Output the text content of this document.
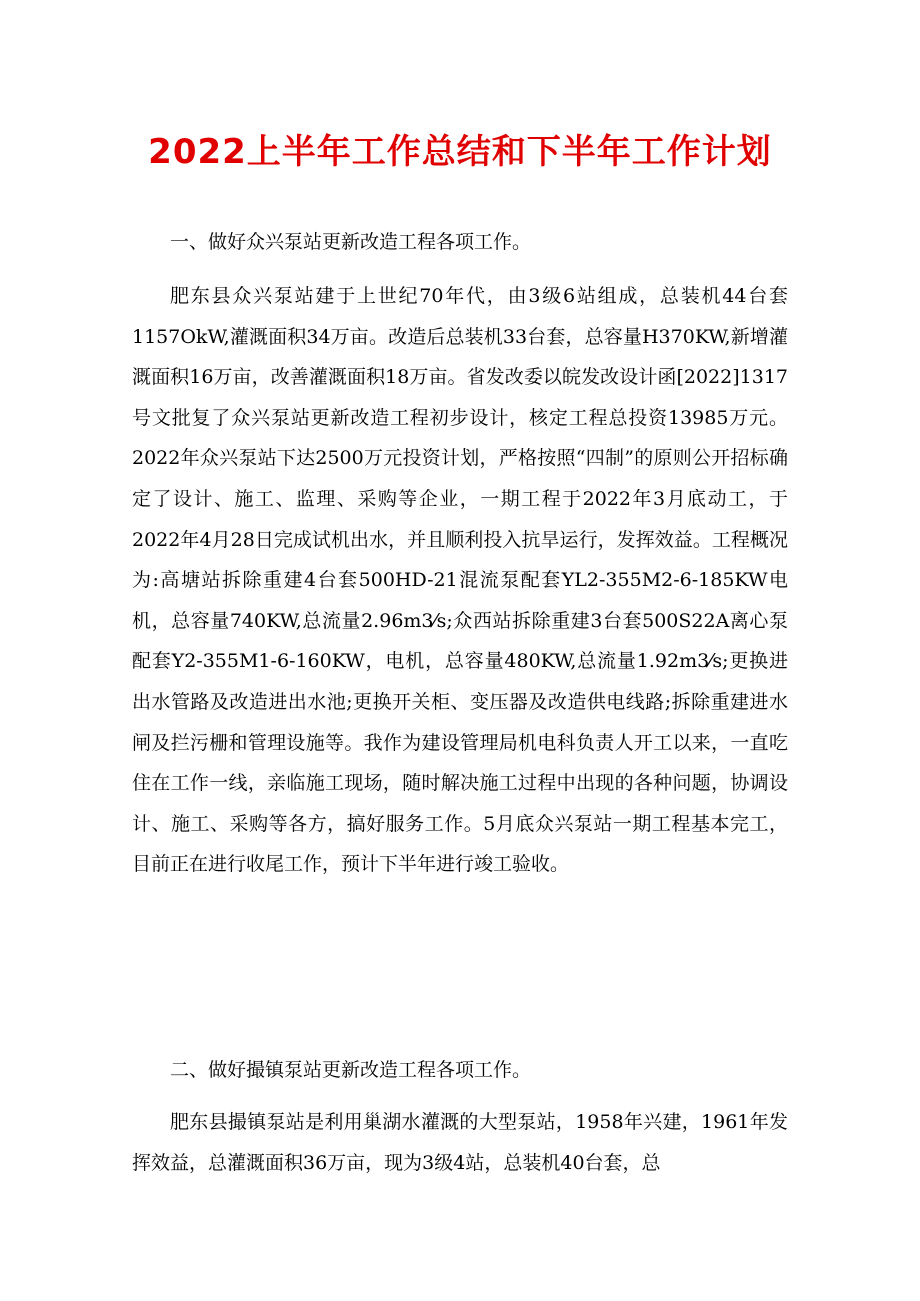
2022上半年工作总结和下半年工作计划

一、做好众兴泵站更新改造工程各项工作。

肥东县众兴泵站建于上世纪70年代，由3级6站组成，总装机44台套1157OkW,灌溉面积34万亩。改造后总装机33台套，总容量H370KW,新增灌溉面积16万亩，改善灌溉面积18万亩。省发改委以皖发改设计函[2022]1317号文批复了众兴泵站更新改造工程初步设计，核定工程总投资13985万元。2022年众兴泵站下达2500万元投资计划，严格按照“四制”的原则公开招标确定了设计、施工、监理、采购等企业，一期工程于2022年3月底动工，于2022年4月28日完成试机出水，并且顺利投入抗旱运行，发挥效益。工程概况为:高塘站拆除重建4台套500HD-21混流泵配套YL2-355M2-6-185KW电机，总容量740KW,总流量2.96m3⁄s;众西站拆除重建3台套500S22A离心泵配套Y2-355M1-6-160KW，电机，总容量480KW,总流量1.92m3⁄s;更换进出水管路及改造进出水池;更换开关柜、变压器及改造供电线路;拆除重建进水闸及拦污栅和管理设施等。我作为建设管理局机电科负责人开工以来，一直吃住在工作一线，亲临施工现场，随时解决施工过程中出现的各种问题，协调设计、施工、采购等各方，搞好服务工作。5月底众兴泵站一期工程基本完工，目前正在进行收尾工作，预计下半年进行竣工验收。

二、做好撮镇泵站更新改造工程各项工作。

肥东县撮镇泵站是利用巢湖水灌溉的大型泵站，1958年兴建，1961年发挥效益，总灌溉面积36万亩，现为3级4站，总装机40台套，总
